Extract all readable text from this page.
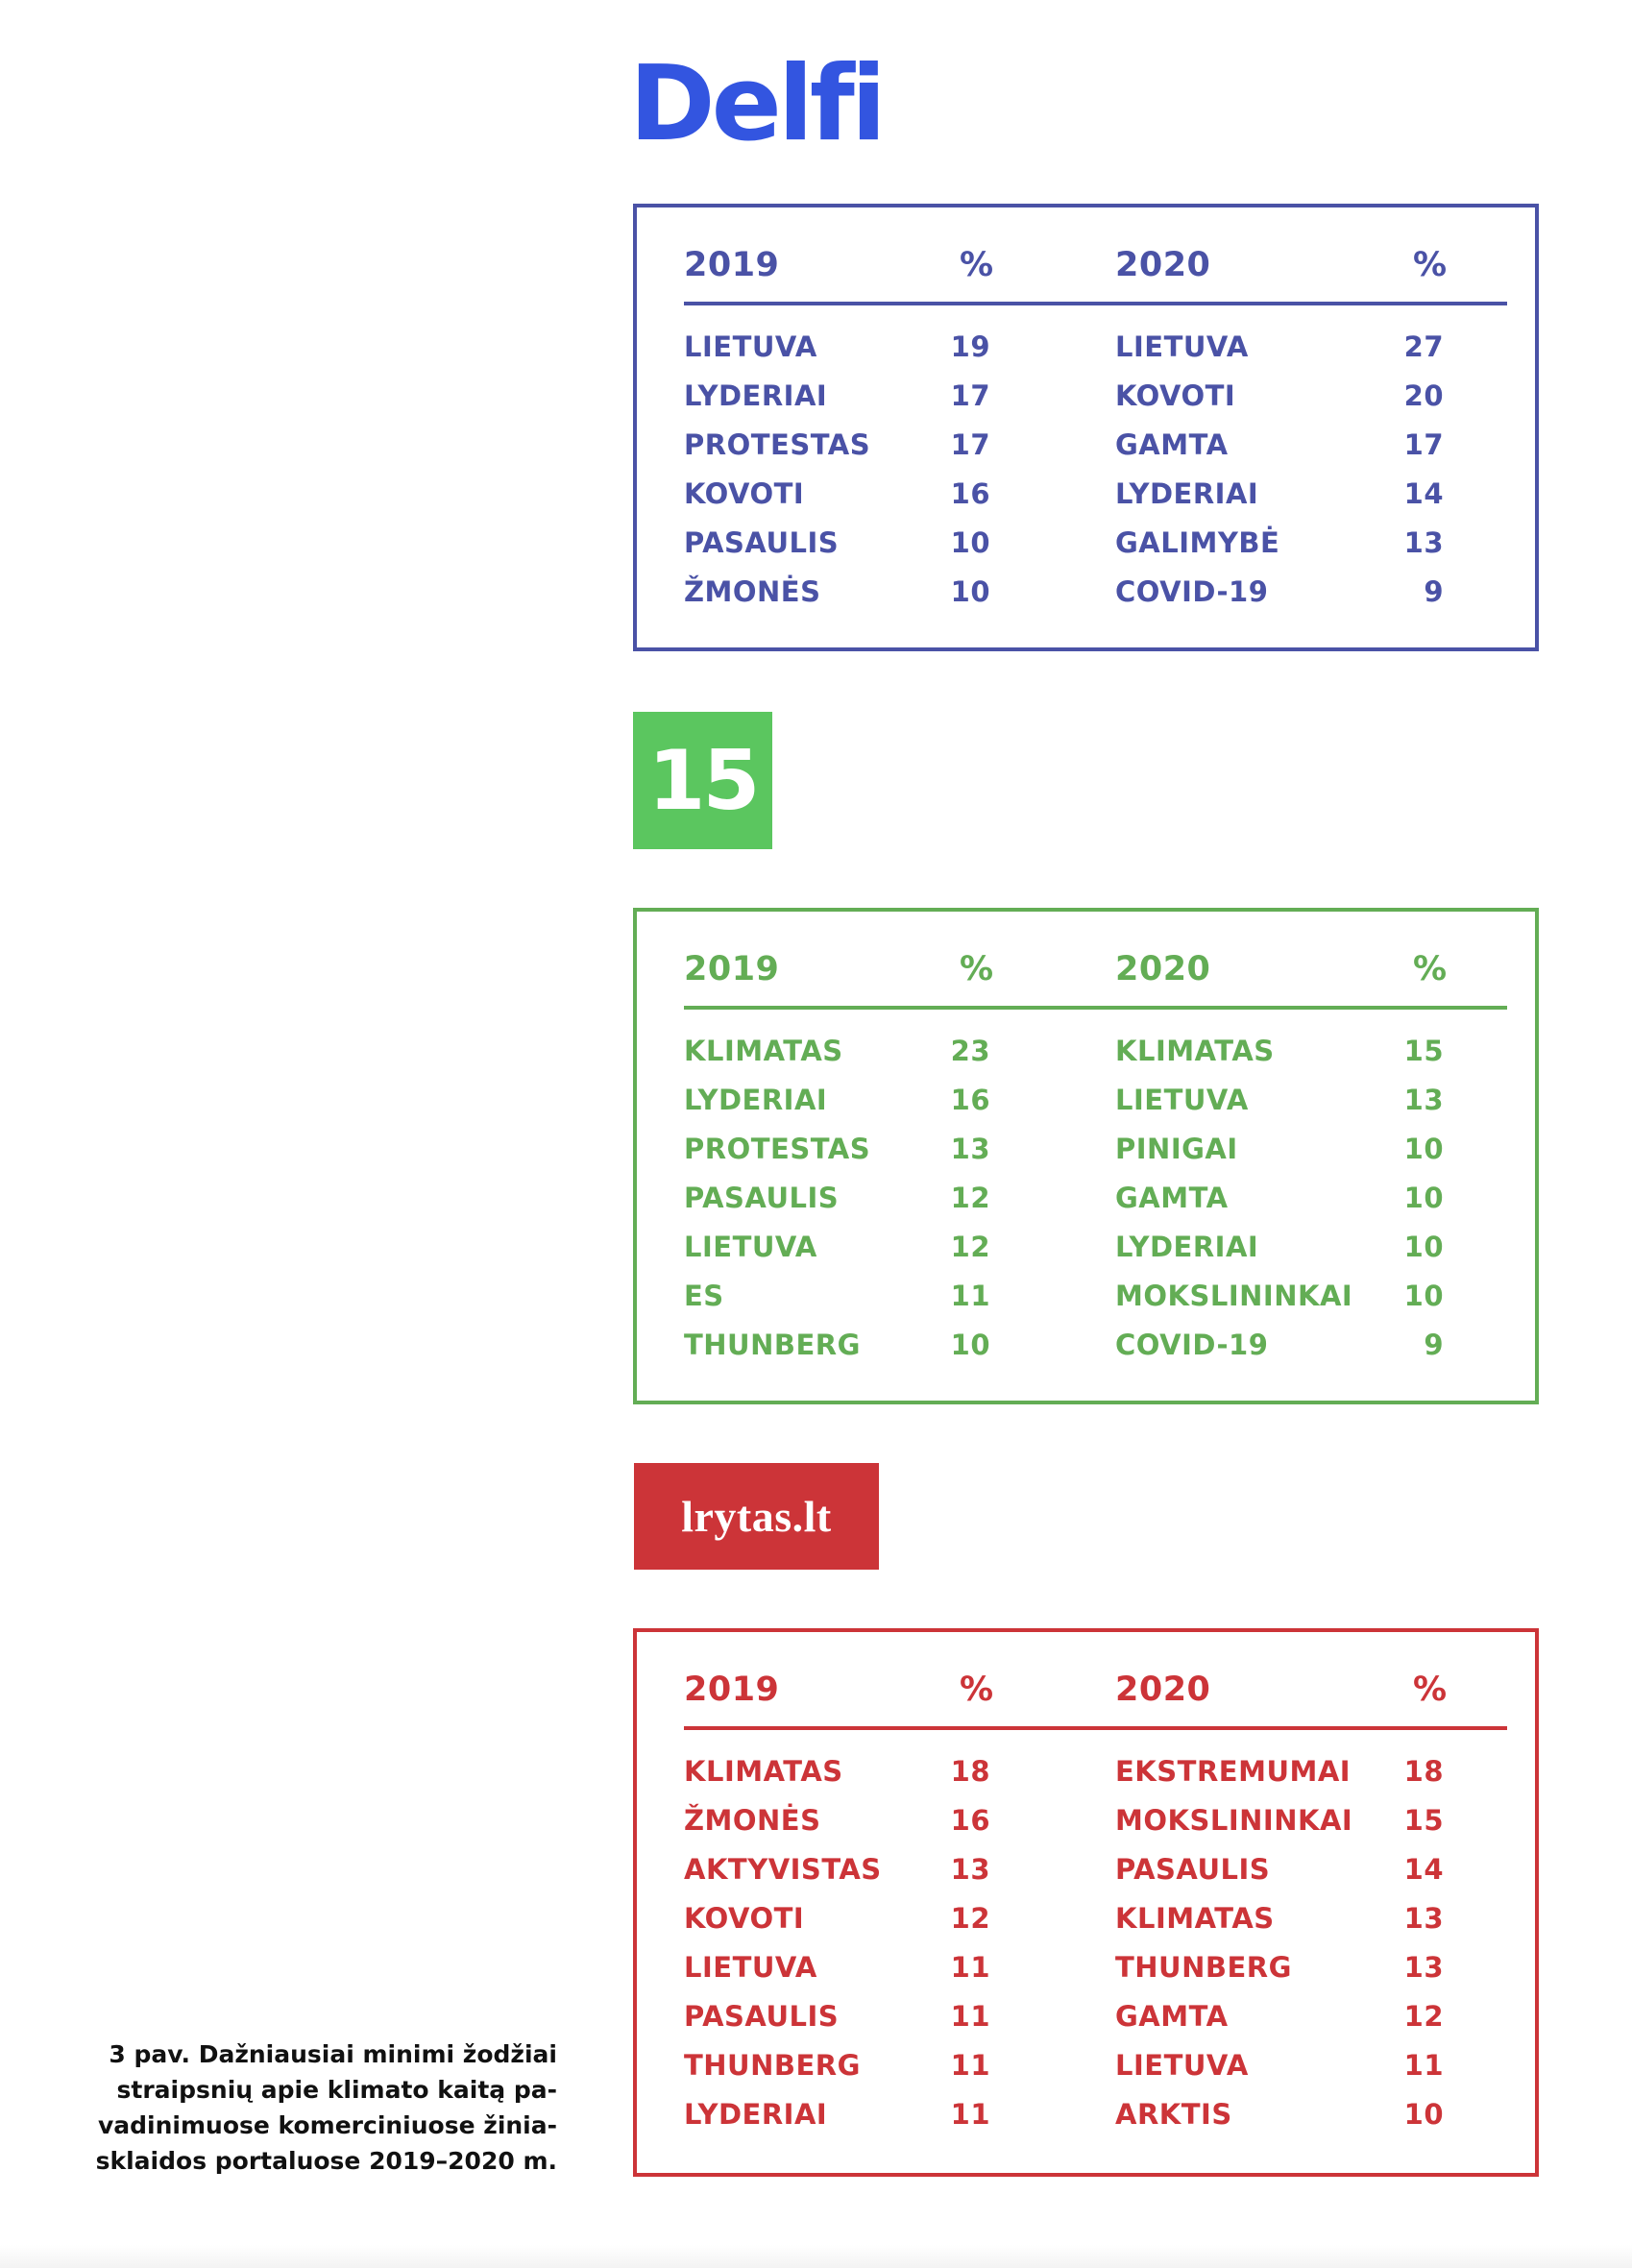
Delfi
2019	%	2020	%
LIETUVA	19	LIETUVA	27
LYDERIAI	17	KOVOTI	20
PROTESTAS	17	GAMTA	17
KOVOTI	16	LYDERIAI	14
PASAULIS	10	GALIMYBĖ	13
ŽMONĖS	10	COVID-19	9
15
2019	%	2020	%
KLIMATAS	23	KLIMATAS	15
LYDERIAI	16	LIETUVA	13
PROTESTAS	13	PINIGAI	10
PASAULIS	12	GAMTA	10
LIETUVA	12	LYDERIAI	10
ES	11	MOKSLININKAI	10
THUNBERG	10	COVID-19	9
lrytas.lt
2019	%	2020	%
KLIMATAS	18	EKSTREMUMAI	18
ŽMONĖS	16	MOKSLININKAI	15
AKTYVISTAS	13	PASAULIS	14
KOVOTI	12	KLIMATAS	13
LIETUVA	11	THUNBERG	13
PASAULIS	11	GAMTA	12
THUNBERG	11	LIETUVA	11
LYDERIAI	11	ARKTIS	10
3 pav. Dažniausiai minimi žodžiai
straipsnių apie klimato kaitą pa-
vadinimuose komerciniuose žinia-
sklaidos portaluose 2019–2020 m.
